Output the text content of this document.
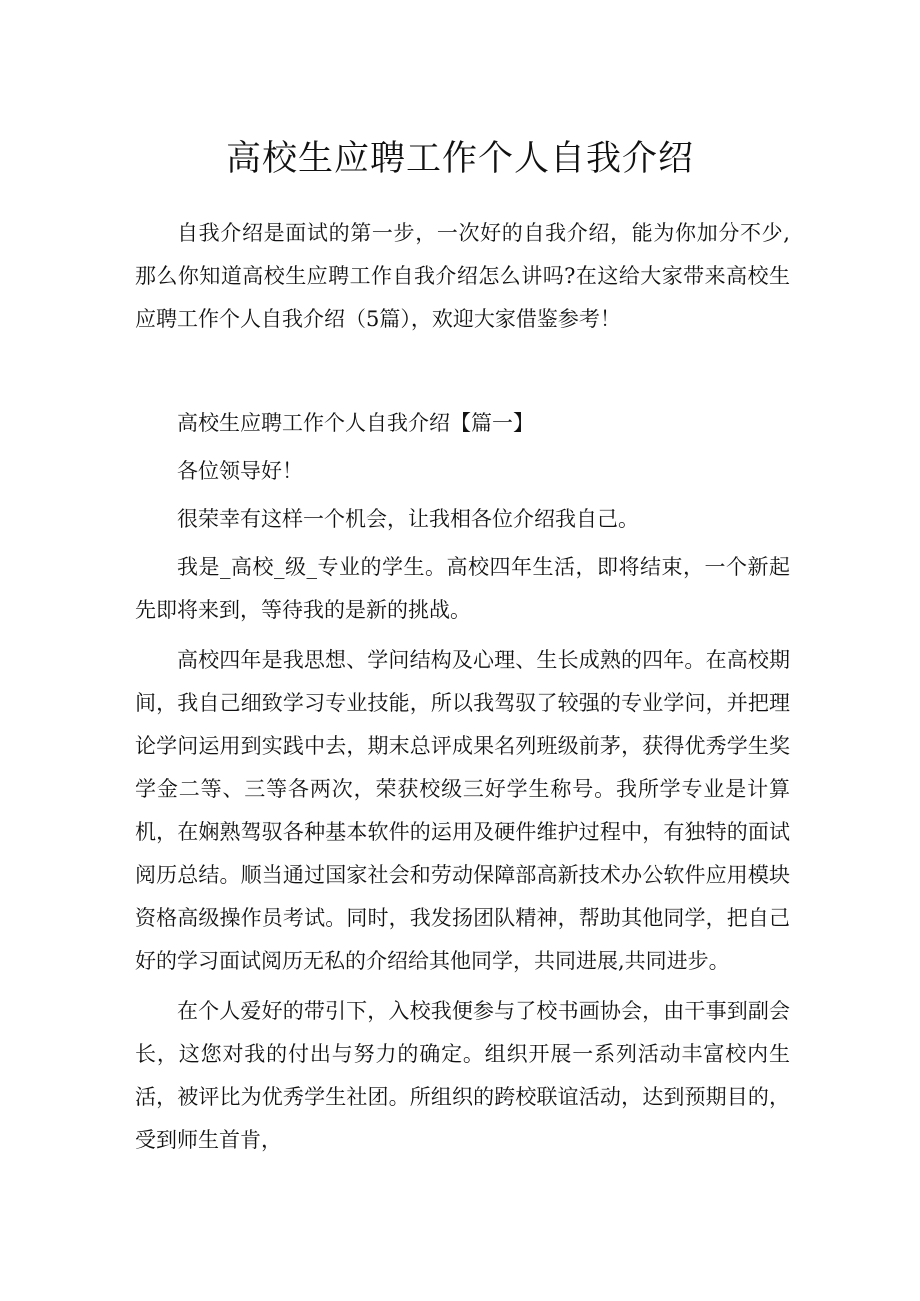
高校生应聘工作个人自我介绍

自我介绍是面试的第一步，一次好的自我介绍，能为你加分不少,那么你知道高校生应聘工作自我介绍怎么讲吗?在这给大家带来高校生应聘工作个人自我介绍（5篇），欢迎大家借鉴参考！

高校生应聘工作个人自我介绍【篇一】

各位领导好！

很荣幸有这样一个机会，让我相各位介绍我自己。

我是_高校_级_专业的学生。高校四年生活，即将结束，一个新起先即将来到，等待我的是新的挑战。

高校四年是我思想、学问结构及心理、生长成熟的四年。在高校期间，我自己细致学习专业技能，所以我驾驭了较强的专业学问，并把理论学问运用到实践中去，期末总评成果名列班级前茅，获得优秀学生奖学金二等、三等各两次，荣获校级三好学生称号。我所学专业是计算机，在娴熟驾驭各种基本软件的运用及硬件维护过程中，有独特的面试阅历总结。顺当通过国家社会和劳动保障部高新技术办公软件应用模块资格高级操作员考试。同时，我发扬团队精神，帮助其他同学，把自己好的学习面试阅历无私的介绍给其他同学，共同进展,共同进步。

在个人爱好的带引下，入校我便参与了校书画协会，由干事到副会长，这您对我的付出与努力的确定。组织开展一系列活动丰富校内生活，被评比为优秀学生社团。所组织的跨校联谊活动，达到预期目的，受到师生首肯，
